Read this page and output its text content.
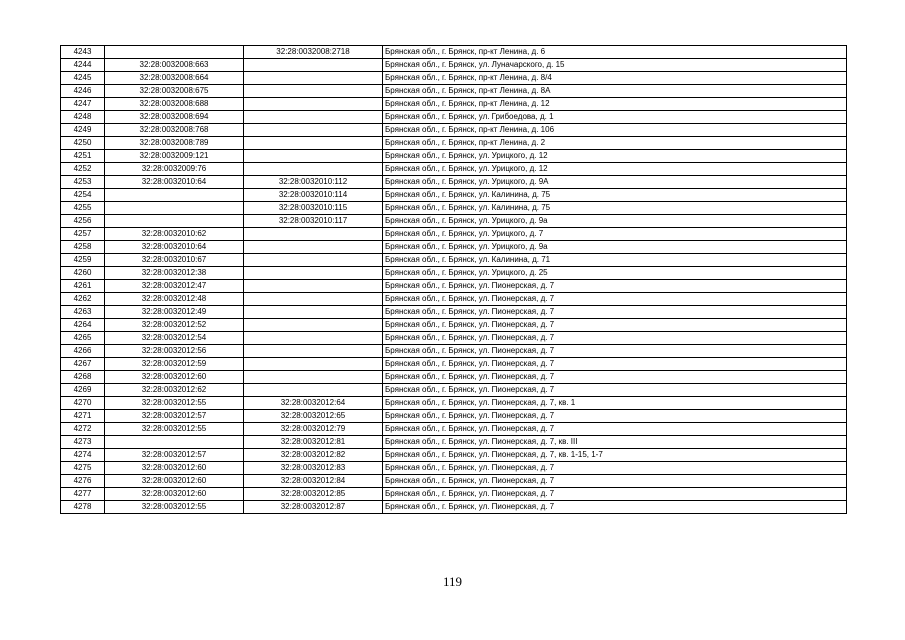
4243		32:28:0032008:2718	Брянская обл., г. Брянск, пр-кт Ленина, д. 6
4244	32:28:0032008:663		Брянская обл., г. Брянск, ул. Луначарского, д. 15
4245	32:28:0032008:664		Брянская обл., г. Брянск, пр-кт Ленина, д. 8/4
4246	32:28:0032008:675		Брянская обл., г. Брянск, пр-кт Ленина, д. 8А
4247	32:28:0032008:688		Брянская обл., г. Брянск, пр-кт Ленина, д. 12
4248	32:28:0032008:694		Брянская обл., г. Брянск, ул. Грибоедова, д. 1
4249	32:28:0032008:768		Брянская обл., г. Брянск, пр-кт Ленина, д. 106
4250	32:28:0032008:789		Брянская обл., г. Брянск, пр-кт Ленина, д. 2
4251	32:28:0032009:121		Брянская обл., г. Брянск, ул. Урицкого, д. 12
4252	32:28:0032009:76		Брянская обл., г. Брянск, ул. Урицкого, д. 12
4253	32:28:0032010:64	32:28:0032010:112	Брянская обл., г. Брянск, ул. Урицкого, д. 9А
4254		32:28:0032010:114	Брянская обл., г. Брянск, ул. Калинина, д. 75
4255		32:28:0032010:115	Брянская обл., г. Брянск, ул. Калинина, д. 75
4256		32:28:0032010:117	Брянская обл., г. Брянск, ул. Урицкого, д. 9а
4257	32:28:0032010:62		Брянская обл., г. Брянск, ул. Урицкого, д. 7
4258	32:28:0032010:64		Брянская обл., г. Брянск, ул. Урицкого, д. 9а
4259	32:28:0032010:67		Брянская обл., г. Брянск, ул. Калинина, д. 71
4260	32:28:0032012:38		Брянская обл., г. Брянск, ул. Урицкого, д. 25
4261	32:28:0032012:47		Брянская обл., г. Брянск, ул. Пионерская, д. 7
4262	32:28:0032012:48		Брянская обл., г. Брянск, ул. Пионерская, д. 7
4263	32:28:0032012:49		Брянская обл., г. Брянск, ул. Пионерская, д. 7
4264	32:28:0032012:52		Брянская обл., г. Брянск, ул. Пионерская, д. 7
4265	32:28:0032012:54		Брянская обл., г. Брянск, ул. Пионерская, д. 7
4266	32:28:0032012:56		Брянская обл., г. Брянск, ул. Пионерская, д. 7
4267	32:28:0032012:59		Брянская обл., г. Брянск, ул. Пионерская, д. 7
4268	32:28:0032012:60		Брянская обл., г. Брянск, ул. Пионерская, д. 7
4269	32:28:0032012:62		Брянская обл., г. Брянск, ул. Пионерская, д. 7
4270	32:28:0032012:55	32:28:0032012:64	Брянская обл., г. Брянск, ул. Пионерская, д. 7, кв. 1
4271	32:28:0032012:57	32:28:0032012:65	Брянская обл., г. Брянск, ул. Пионерская, д. 7
4272	32:28:0032012:55	32:28:0032012:79	Брянская обл., г. Брянск, ул. Пионерская, д. 7
4273		32:28:0032012:81	Брянская обл., г. Брянск, ул. Пионерская, д. 7, кв. III
4274	32:28:0032012:57	32:28:0032012:82	Брянская обл., г. Брянск, ул. Пионерская, д. 7, кв. 1-15, 1-7
4275	32:28:0032012:60	32:28:0032012:83	Брянская обл., г. Брянск, ул. Пионерская, д. 7
4276	32:28:0032012:60	32:28:0032012:84	Брянская обл., г. Брянск, ул. Пионерская, д. 7
4277	32:28:0032012:60	32:28:0032012:85	Брянская обл., г. Брянск, ул. Пионерская, д. 7
4278	32:28:0032012:55	32:28:0032012:87	Брянская обл., г. Брянск, ул. Пионерская, д. 7
119
